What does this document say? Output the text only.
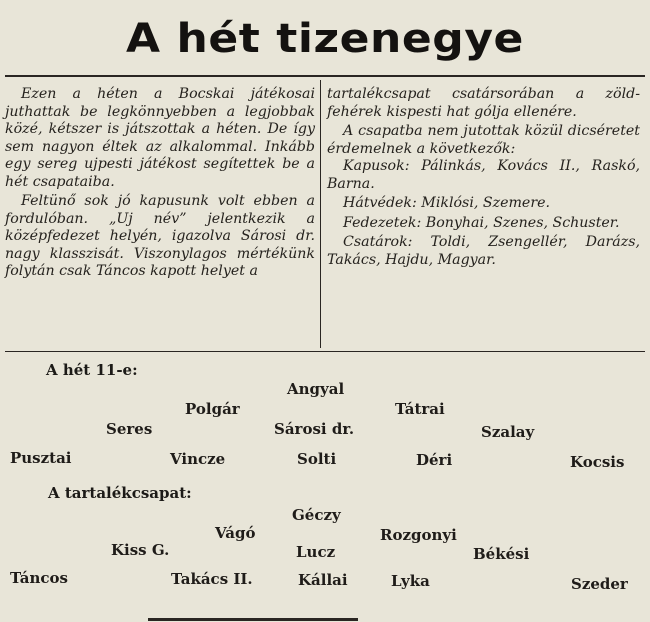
A hét tizenegye

Ezen a héten a Bocskai játékosai juthattak be legkönnyebben a legjobbak közé, kétszer is játszottak a héten. De így sem nagyon éltek az alkalommal. Inkább egy sereg ujpesti játékost segítettek be a hét csapataiba.

Feltünő sok jó kapusunk volt ebben a fordulóban. „Uj név” jelentkezik a középfedezet helyén, igazolva Sárosi dr. nagy klasszisát. Viszonylagos mértékünk folytán csak Táncos kapott helyet a

tartalékcsapat csatársorában a zöld-fehérek kispesti hat gólja ellenére.

A csapatba nem jutottak közül dicséretet érdemelnek a következők:

Kapusok: Pálinkás, Kovács II., Raskó, Barna.

Hátvédek: Miklósi, Szemere.

Fedezetek: Bonyhai, Szenes, Schuster.

Csatárok: Toldi, Zsengellér, Darázs, Takács, Hajdu, Magyar.

A hét 11-e:
Angyal
Polgár	Tátrai
Seres	Sárosi dr.	Szalay
Pusztai	Vincze	Solti	Déri	Kocsis
A tartalékcsapat:
Géczy
Vágó	Rozgonyi
Kiss G.	Lucz	Békési
Táncos	Takács II.	Kállai	Lyka	Szeder
